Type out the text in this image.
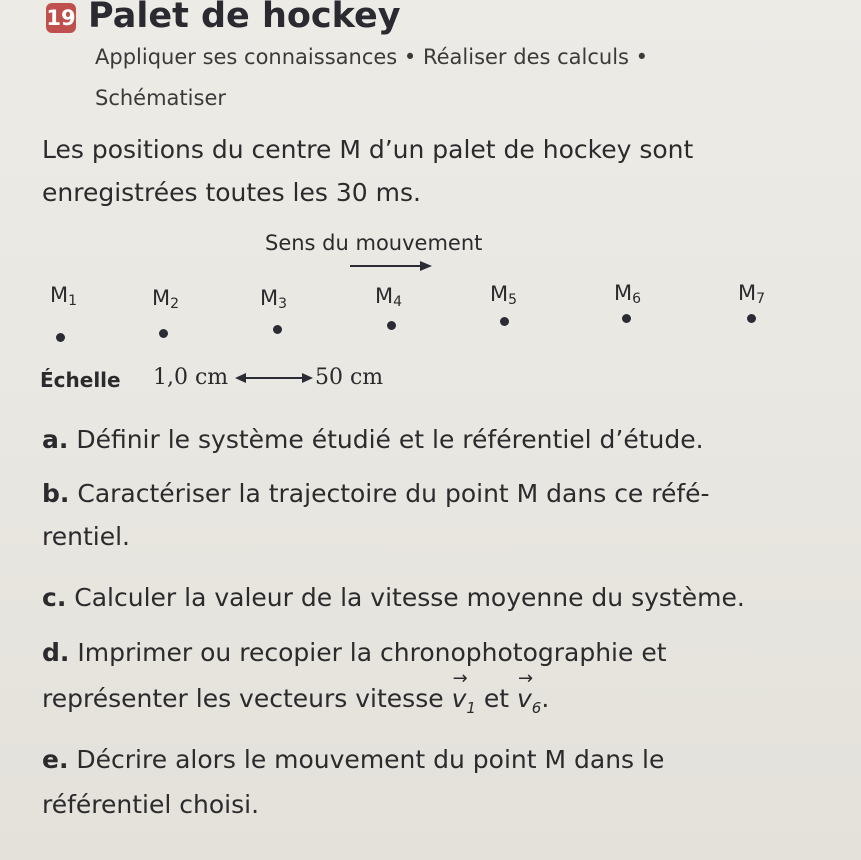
19 Palet de hockey
Appliquer ses connaissances • Réaliser des calculs •
Schématiser
Les positions du centre M d’un palet de hockey sont
enregistrées toutes les 30 ms.
Sens du mouvement
$M_1$	$M_2$	$M_3$	$M_4$	$M_5$	$M_6$	$M_7$
Échelle 1,0 cm	50 cm
a. Définir le système étudié et le référentiel d’étude.
b. Caractériser la trajectoire du point M dans ce réfé-
rentiel.
c. Calculer la valeur de la vitesse moyenne du système.
d. Imprimer ou recopier la chronophotographie et
représenter les vecteurs vitesse
→
$v_1$ et
→
$v_6$.
e. Décrire alors le mouvement du point M dans le
référentiel choisi.
